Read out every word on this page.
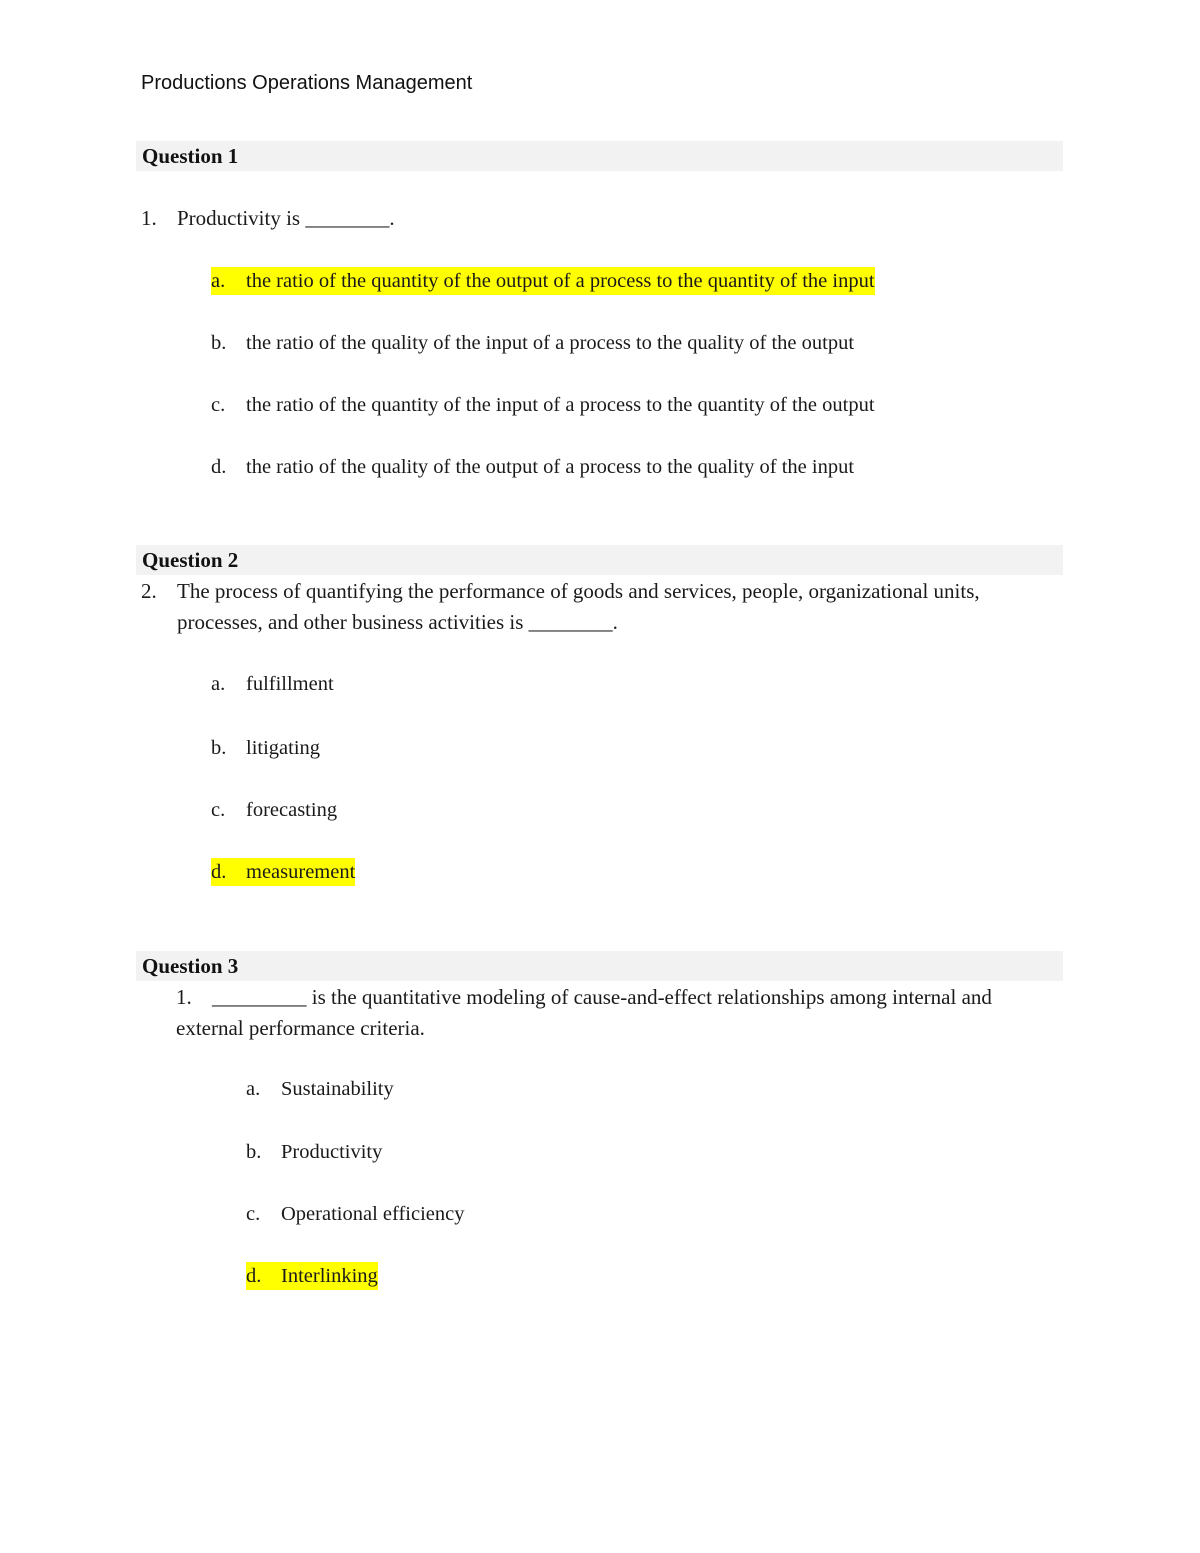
Productions Operations Management
Question 1
1. Productivity is ________.
a. the ratio of the quantity of the output of a process to the quantity of the input
b. the ratio of the quality of the input of a process to the quality of the output
c. the ratio of the quantity of the input of a process to the quantity of the output
d. the ratio of the quality of the output of a process to the quality of the input
Question 2
2. The process of quantifying the performance of goods and services, people, organizational units, processes, and other business activities is ________.
a. fulfillment
b. litigating
c. forecasting
d. measurement
Question 3
1. _________ is the quantitative modeling of cause-and-effect relationships among internal and external performance criteria.
a. Sustainability
b. Productivity
c. Operational efficiency
d. Interlinking
